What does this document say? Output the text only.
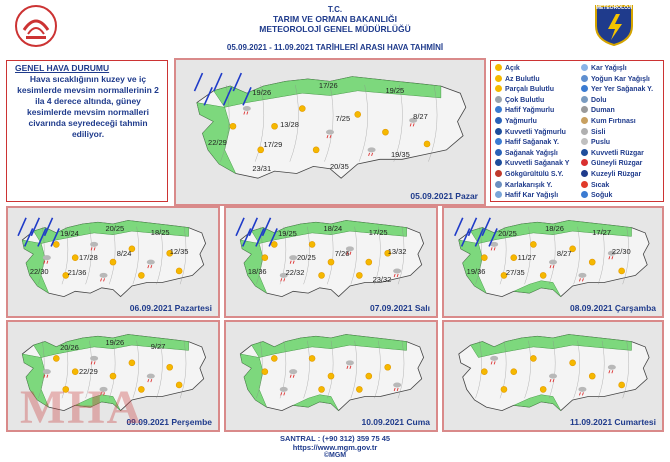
T.C.
TARIM VE ORMAN BAKANLIĞI
METEOROLOJİ GENEL MÜDÜRLÜĞÜ
05.09.2021 - 11.09.2021 TARİHLERİ ARASI HAVA TAHMİNİ
METEOROLOJİ
GENEL HAVA DURUMU
Hava sıcaklığının kuzey ve iç kesimlerde mevsim normallerinin 2 ila 4 derece altında, güney kesimlerde mevsim normalleri civarında seyredeceği tahmin ediliyor.
Açık
Az Bulutlu
Parçalı Bulutlu
Çok Bulutlu
Hafif Yağmurlu
Yağmurlu
Kuvvetli Yağmurlu
Hafif Sağanak Y.
Sağanak Yağışlı
Kuvvetli Sağanak Y
Gökgürültülü S.Y.
Karlakarışık Y.
Hafif Kar Yağışlı
Kar Yağışlı
Yoğun Kar Yağışlı
Yer Yer Sağanak Y.
Dolu
Duman
Kum Fırtınası
Sisli
Puslu
Kuvvetli Rüzgar
Güneyli Rüzgar
Kuzeyli Rüzgar
Sıcak
Soğuk
19/26
17/26
19/25
13/28
7/25	8/27
22/29	17/29
19/35
23/31	20/35
05.09.2021 Pazar
19/24
20/25	18/25
17/28	8/24	12/35
22/30	21/36
06.09.2021 Pazartesi
19/25
18/24	17/25
20/25	7/26	13/32
18/36	22/32
23/32
07.09.2021 Salı
20/25
18/26	17/27
11/27	8/27	22/30
19/36	27/35
08.09.2021 Çarşamba
20/26
19/26	9/27
22/29
09.09.2021 Perşembe	10.09.2021 Cuma	11.09.2021 Cumartesi
MHA
SANTRAL : (+90 312) 359 75 45
https://www.mgm.gov.tr
©MGM
